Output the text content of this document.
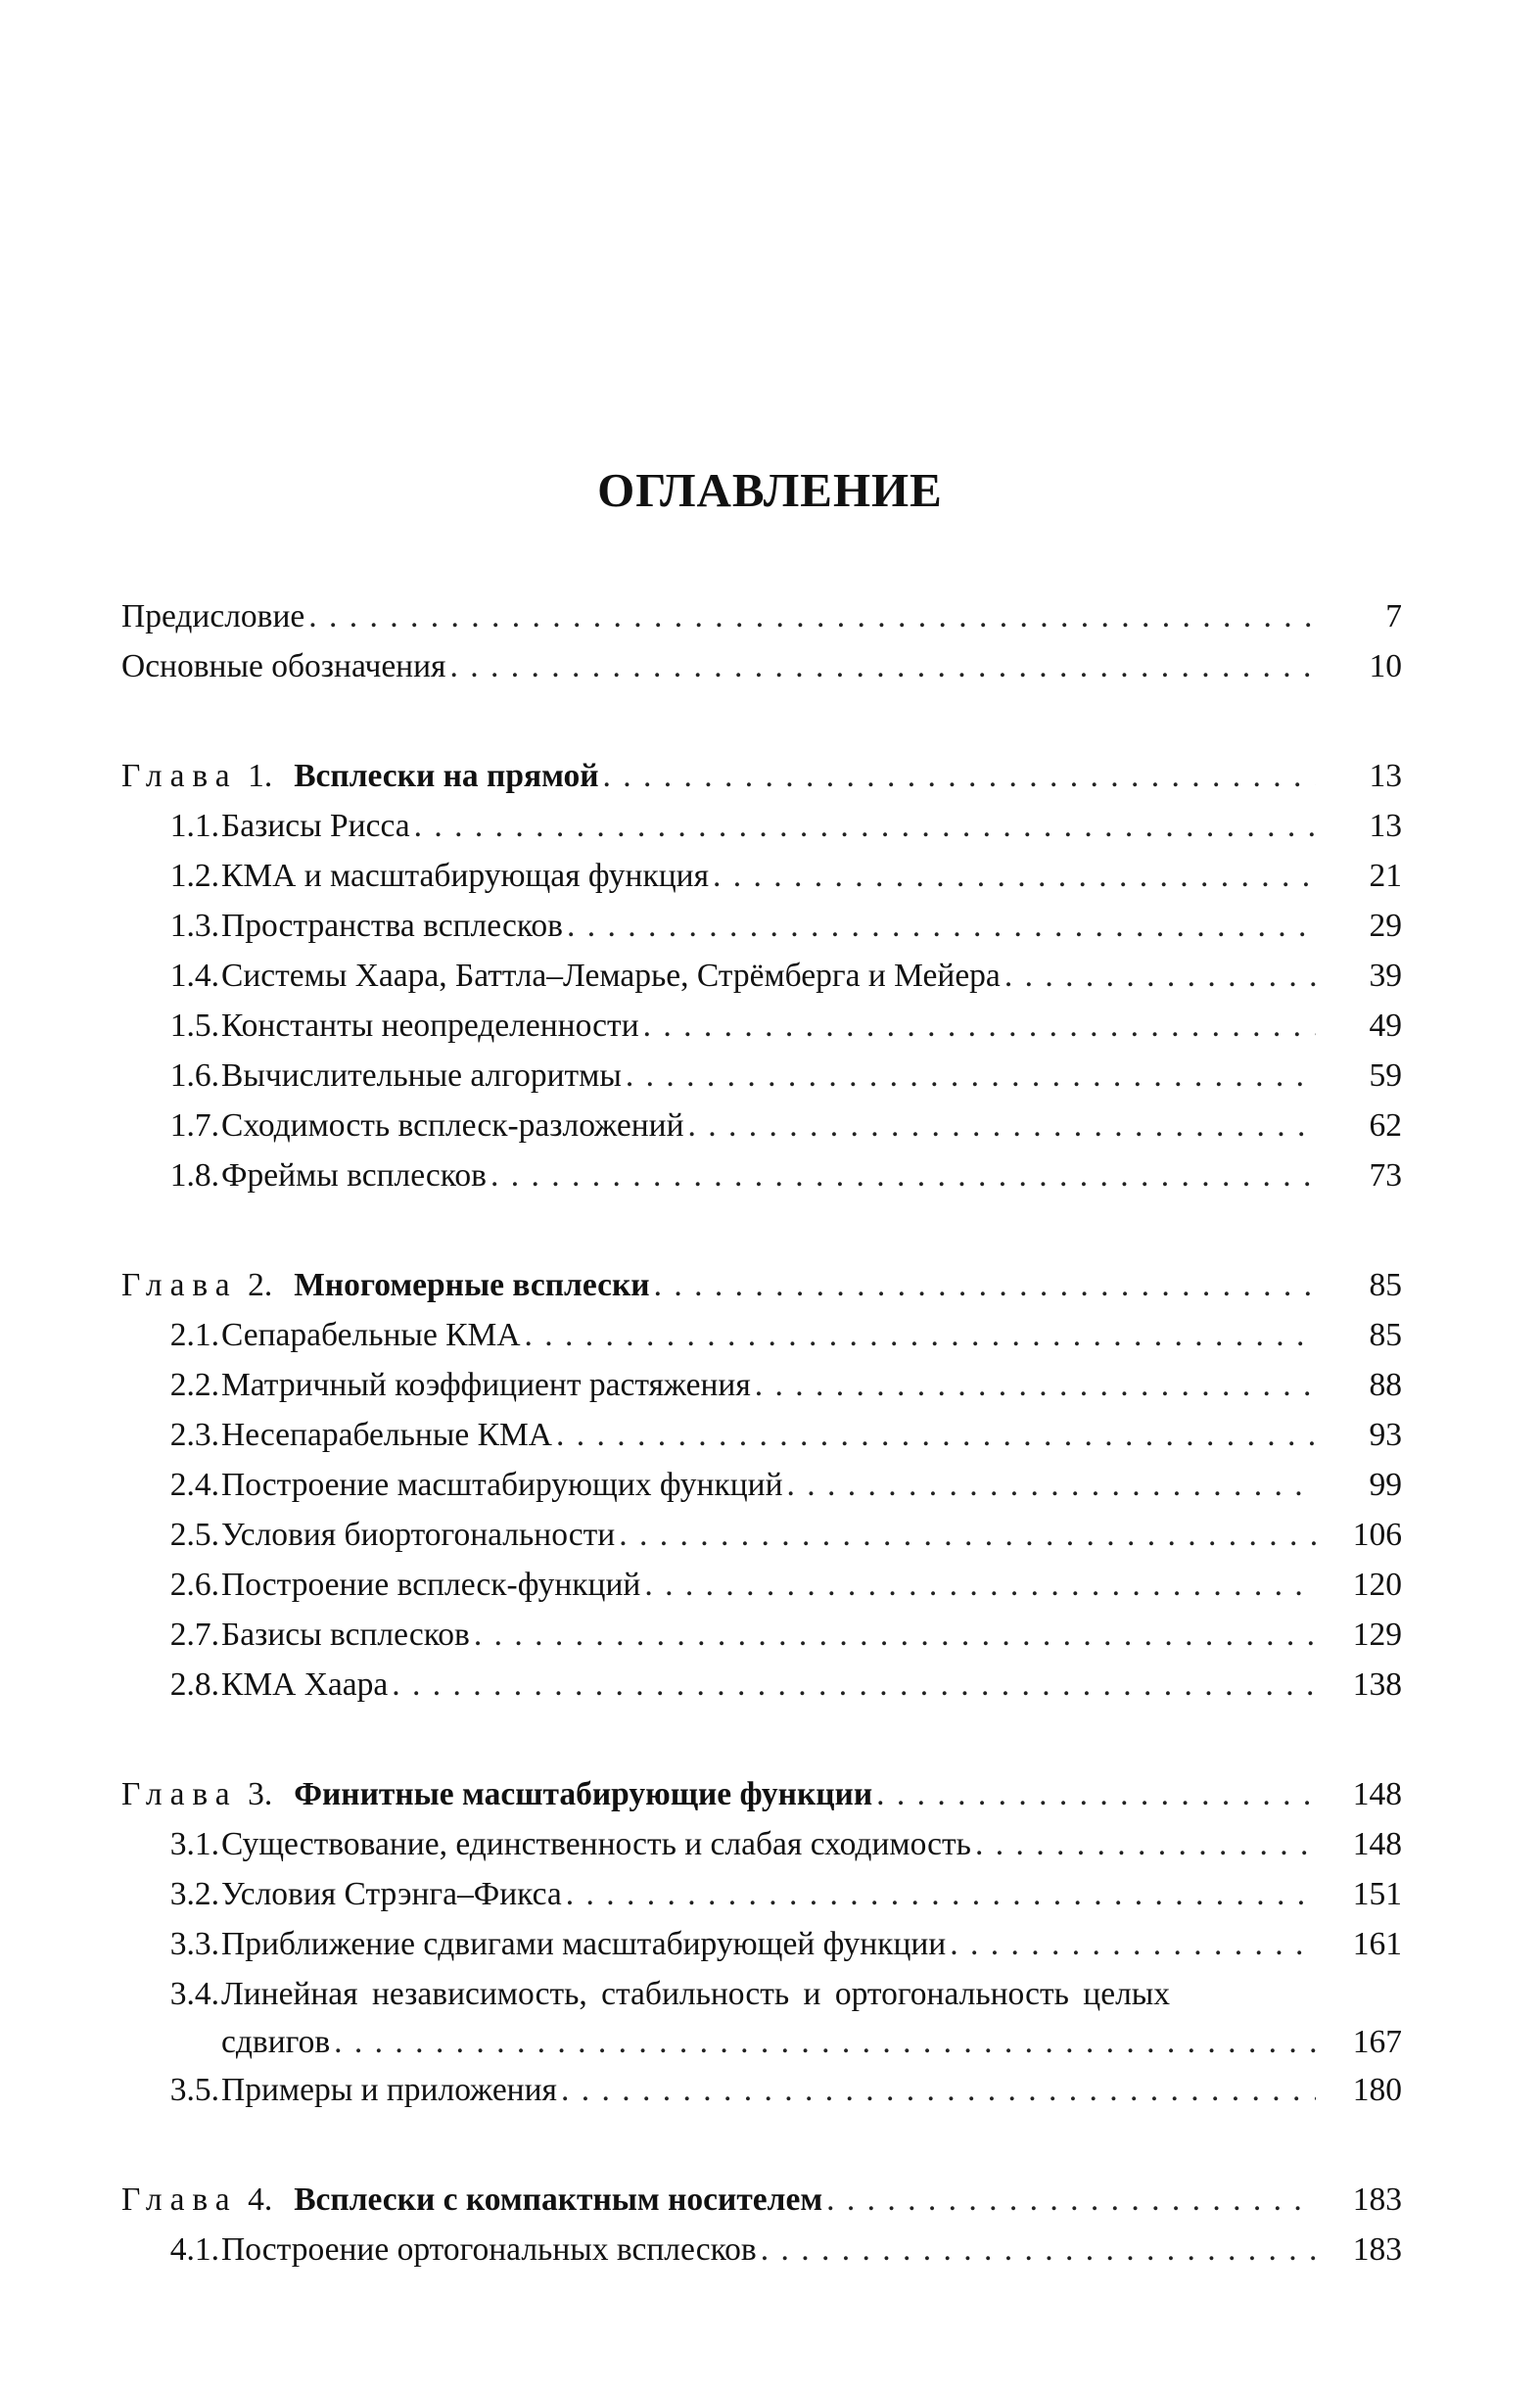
ОГЛАВЛЕНИЕ
Предисловие . . .	7
Основные обозначения . . .	10
Глава 1. Всплески на прямой . . .	13
1.1.Базисы Рисса . . .	13
1.2.КМА и масштабирующая функция . . .	21
1.3.Пространства всплесков . . .	29
1.4.Системы Хаара, Баттла–Лемарье, Стрёмберга и Мейера . . .	39
1.5.Константы неопределенности . . .	49
1.6.Вычислительные алгоритмы . . .	59
1.7.Сходимость всплеск-разложений . . .	62
1.8.Фреймы всплесков . . .	73
Глава 2. Многомерные всплески . . .	85
2.1.Сепарабельные КМА . . .	85
2.2.Матричный коэффициент растяжения . . .	88
2.3.Несепарабельные КМА . . .	93
2.4.Построение масштабирующих функций . . .	99
2.5.Условия биортогональности . . .	106
2.6.Построение всплеск-функций . . .	120
2.7.Базисы всплесков . . .	129
2.8.КМА Хаара . . .	138
Глава 3. Финитные масштабирующие функции . . .	148
3.1.Существование, единственность и слабая сходимость . . .	148
3.2.Условия Стрэнга–Фикса . . .	151
3.3.Приближение сдвигами масштабирующей функции . . .	161
3.4.Линейная независимость, стабильность и ортогональность целых
сдвигов . . .	167
3.5.Примеры и приложения . . .	180
Глава 4. Всплески с компактным носителем . . .	183
4.1.Построение ортогональных всплесков . . .	183
